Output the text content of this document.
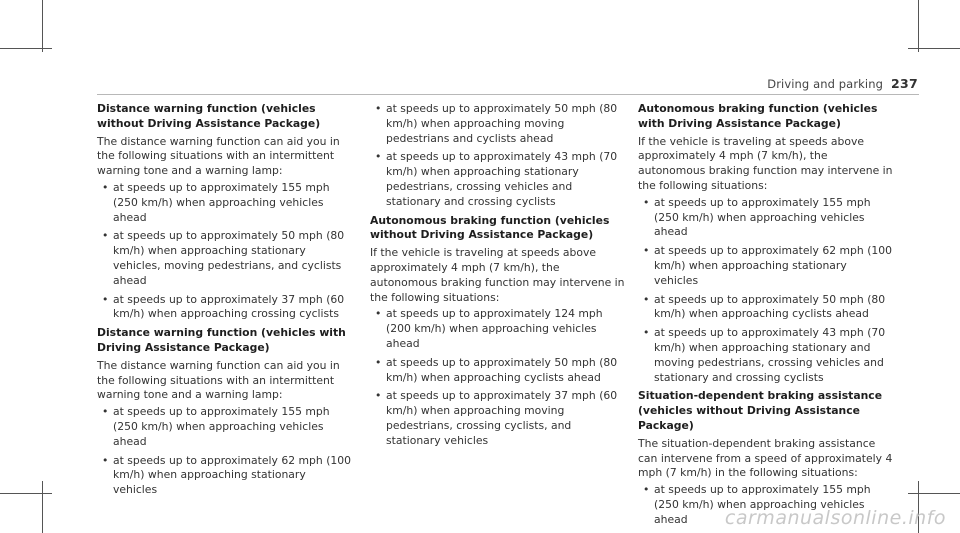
Driving and parking 237
Distance warning function (vehicles without Driving Assistance Package)
The distance warning function can aid you in the following situations with an intermittent warning tone and a warning lamp:
• at speeds up to approximately 155 mph (250 km/h) when approaching vehicles ahead
• at speeds up to approximately 50 mph (80 km/h) when approaching stationary vehicles, moving pedestrians, and cyclists ahead
• at speeds up to approximately 37 mph (60 km/h) when approaching crossing cyclists
Distance warning function (vehicles with Driving Assistance Package)
The distance warning function can aid you in the following situations with an intermittent warning tone and a warning lamp:
• at speeds up to approximately 155 mph (250 km/h) when approaching vehicles ahead
• at speeds up to approximately 62 mph (100 km/h) when approaching stationary vehicles
• at speeds up to approximately 50 mph (80 km/h) when approaching moving pedestrians and cyclists ahead
• at speeds up to approximately 43 mph (70 km/h) when approaching stationary pedestrians, crossing vehicles and stationary and crossing cyclists
Autonomous braking function (vehicles without Driving Assistance Package)
If the vehicle is traveling at speeds above approximately 4 mph (7 km/h), the autonomous braking function may intervene in the following situations:
• at speeds up to approximately 124 mph (200 km/h) when approaching vehicles ahead
• at speeds up to approximately 50 mph (80 km/h) when approaching cyclists ahead
• at speeds up to approximately 37 mph (60 km/h) when approaching moving pedestrians, crossing cyclists, and stationary vehicles
Autonomous braking function (vehicles with Driving Assistance Package)
If the vehicle is traveling at speeds above approximately 4 mph (7 km/h), the autonomous braking function may intervene in the following situations:
• at speeds up to approximately 155 mph (250 km/h) when approaching vehicles ahead
• at speeds up to approximately 62 mph (100 km/h) when approaching stationary vehicles
• at speeds up to approximately 50 mph (80 km/h) when approaching cyclists ahead
• at speeds up to approximately 43 mph (70 km/h) when approaching stationary and moving pedestrians, crossing vehicles and stationary and crossing cyclists
Situation-dependent braking assistance (vehicles without Driving Assistance Package)
The situation-dependent braking assistance can intervene from a speed of approximately 4 mph (7 km/h) in the following situations:
• at speeds up to approximately 155 mph (250 km/h) when approaching vehicles ahead	carmanualsonline.info
